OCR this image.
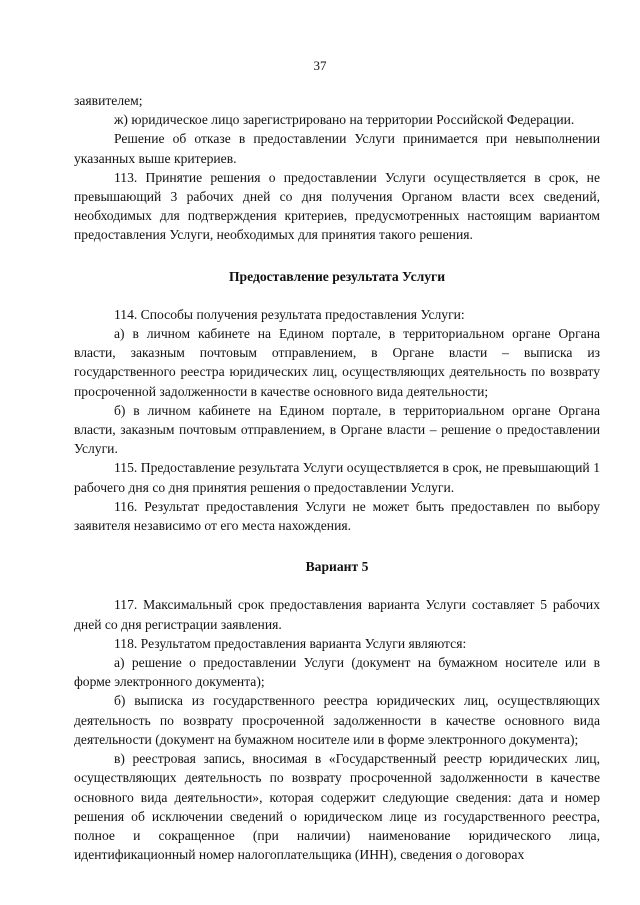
37

заявителем;

ж) юридическое лицо зарегистрировано на территории Российской Федерации.

Решение об отказе в предоставлении Услуги принимается при невыполнении указанных выше критериев.

113. Принятие решения о предоставлении Услуги осуществляется в срок, не превышающий 3 рабочих дней со дня получения Органом власти всех сведений, необходимых для подтверждения критериев, предусмотренных настоящим вариантом предоставления Услуги, необходимых для принятия такого решения.

Предоставление результата Услуги

114. Способы получения результата предоставления Услуги:

а) в личном кабинете на Едином портале, в территориальном органе Органа власти, заказным почтовым отправлением, в Органе власти – выписка из государственного реестра юридических лиц, осуществляющих деятельность по возврату просроченной задолженности в качестве основного вида деятельности;

б) в личном кабинете на Едином портале, в территориальном органе Органа власти, заказным почтовым отправлением, в Органе власти – решение о предоставлении Услуги.

115. Предоставление результата Услуги осуществляется в срок, не превышающий 1 рабочего дня со дня принятия решения о предоставлении Услуги.

116. Результат предоставления Услуги не может быть предоставлен по выбору заявителя независимо от его места нахождения.

Вариант 5

117. Максимальный срок предоставления варианта Услуги составляет 5 рабочих дней со дня регистрации заявления.

118. Результатом предоставления варианта Услуги являются:

а) решение о предоставлении Услуги (документ на бумажном носителе или в форме электронного документа);

б) выписка из государственного реестра юридических лиц, осуществляющих деятельность по возврату просроченной задолженности в качестве основного вида деятельности (документ на бумажном носителе или в форме электронного документа);

в) реестровая запись, вносимая в «Государственный реестр юридических лиц, осуществляющих деятельность по возврату просроченной задолженности в качестве основного вида деятельности», которая содержит следующие сведения: дата и номер решения об исключении сведений о юридическом лице из государственного реестра, полное и сокращенное (при наличии) наименование юридического лица, идентификационный номер налогоплательщика (ИНН), сведения о договорах
